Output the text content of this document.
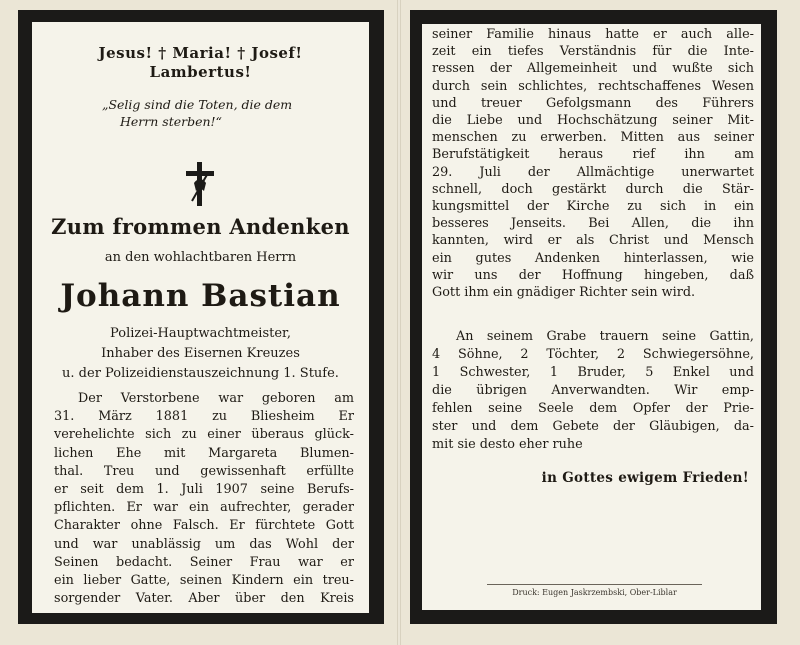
Jesus! † Maria! † Josef!
Lambertus!
„Selig sind die Toten, die dem
Herrn sterben!“
Zum frommen Andenken
an den wohlachtbaren Herrn
Johann Bastian
Polizei-Hauptwachtmeister,
Inhaber des Eisernen Kreuzes
u. der Polizeidienstauszeichnung 1. Stufe.
Der Verstorbene war geboren am
31. März 1881 zu Bliesheim Er
verehelichte sich zu einer überaus glück-
lichen Ehe mit Margareta Blumen-
thal. Treu und gewissenhaft erfüllte
er seit dem 1. Juli 1907 seine Berufs-
pflichten. Er war ein aufrechter, gerader
Charakter ohne Falsch. Er fürchtete Gott
und war unablässig um das Wohl der
Seinen bedacht. Seiner Frau war er
ein lieber Gatte, seinen Kindern ein treu-
sorgender Vater. Aber über den Kreis
seiner Familie hinaus hatte er auch alle-
zeit ein tiefes Verständnis für die Inte-
ressen der Allgemeinheit und wußte sich
durch sein schlichtes, rechtschaffenes Wesen
und treuer Gefolgsmann des Führers
die Liebe und Hochschätzung seiner Mit-
menschen zu erwerben. Mitten aus seiner
Berufstätigkeit heraus rief ihn am
29. Juli der Allmächtige unerwartet
schnell, doch gestärkt durch die Stär-
kungsmittel der Kirche zu sich in ein
besseres Jenseits. Bei Allen, die ihn
kannten, wird er als Christ und Mensch
ein gutes Andenken hinterlassen, wie
wir uns der Hoffnung hingeben, daß
Gott ihm ein gnädiger Richter sein wird.
An seinem Grabe trauern seine Gattin,
4 Söhne, 2 Töchter, 2 Schwiegersöhne,
1 Schwester, 1 Bruder, 5 Enkel und
die übrigen Anverwandten. Wir emp-
fehlen seine Seele dem Opfer der Prie-
ster und dem Gebete der Gläubigen, da-
mit sie desto eher ruhe
in Gottes ewigem Frieden!
Druck: Eugen Jaskrzembski, Ober-Liblar
